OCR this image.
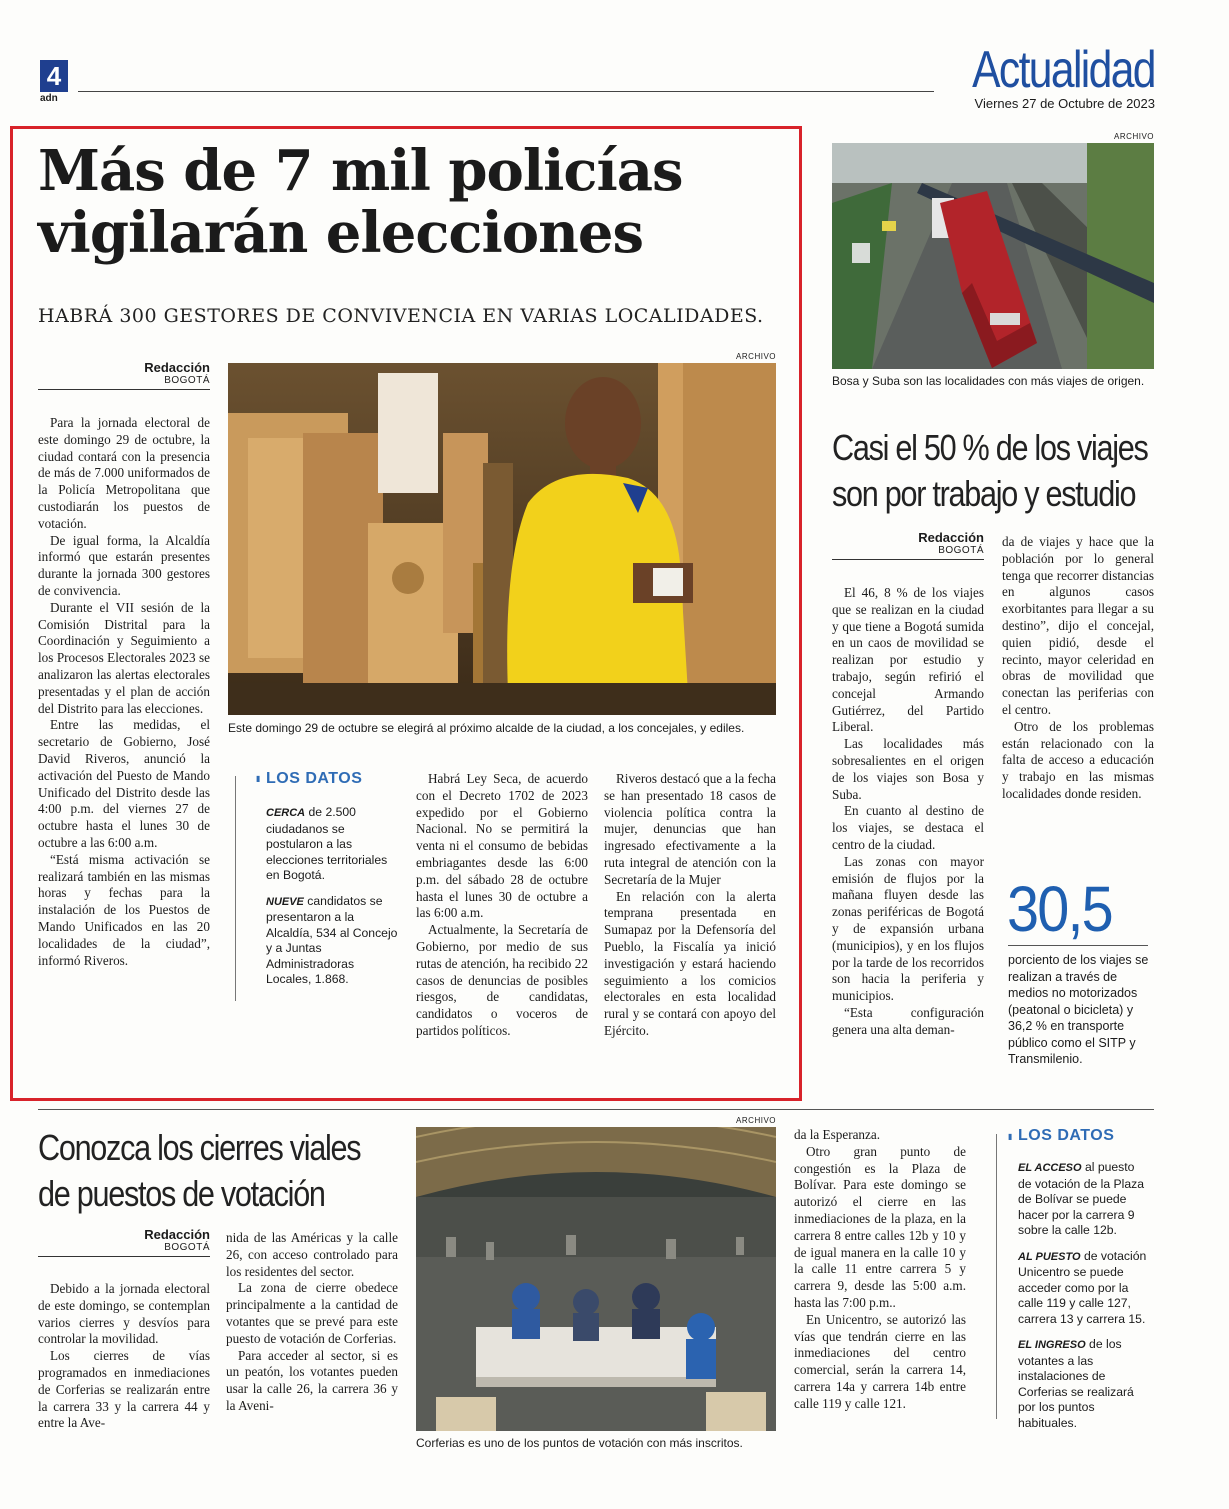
4
adn	Actualidad
Viernes 27 de Octubre de 2023
Más de 7 mil policías vigilarán elecciones
HABRÁ 300 GESTORES DE CONVIVENCIA EN VARIAS LOCALIDADES.
Redacción
BOGOTÁ

Para la jornada electoral de este domingo 29 de octubre, la ciudad contará con la presencia de más de 7.000 uniformados de la Policía Metropolitana que custodiarán los puestos de votación.

De igual forma, la Alcaldía informó que estarán presentes durante la jornada 300 gestores de convivencia.

Durante el VII sesión de la Comisión Distrital para la Coordinación y Seguimiento a los Procesos Electorales 2023 se analizaron las alertas electorales presentadas y el plan de acción del Distrito para las elecciones.

Entre las medidas, el secretario de Gobierno, José David Riveros, anunció la activación del Puesto de Mando Unificado del Distrito desde las 4:00 p.m. del viernes 27 de octubre hasta el lunes 30 de octubre a las 6:00 a.m.

“Está misma activación se realizará también en las mismas horas y fechas para la instalación de los Puestos de Mando Unificados en las 20 localidades de la ciudad”, informó Riveros.

ARCHIVO
Este domingo 29 de octubre se elegirá al próximo alcalde de la ciudad, a los concejales, y ediles.
▮ LOS DATOS

CERCA de 2.500 ciudadanos se postularon a las elecciones territoriales en Bogotá.

NUEVE candidatos se presentaron a la Alcaldía, 534 al Concejo y a Juntas Administradoras Locales, 1.868.

Habrá Ley Seca, de acuerdo con el Decreto 1702 de 2023 expedido por el Gobierno Nacional. No se permitirá la venta ni el consumo de bebidas embriagantes desde las 6:00 p.m. del sábado 28 de octubre hasta el lunes 30 de octubre a las 6:00 a.m.

Actualmente, la Secretaría de Gobierno, por medio de sus rutas de atención, ha recibido 22 casos de denuncias de posibles riesgos, de candidatas, candidatos o voceros de partidos políticos.

Riveros destacó que a la fecha se han presentado 18 casos de violencia política contra la mujer, denuncias que han ingresado efectivamente a la ruta integral de atención con la Secretaría de la Mujer

En relación con la alerta temprana presentada en Sumapaz por la Defensoría del Pueblo, la Fiscalía ya inició investigación y estará haciendo seguimiento a los comicios electorales en esta localidad rural y se contará con apoyo del Ejército.

ARCHIVO
Bosa y Suba son las localidades con más viajes de origen.
Casi el 50 % de los viajes
son por trabajo y estudio
Redacción
BOGOTÁ

El 46, 8 % de los viajes que se realizan en la ciudad y que tiene a Bogotá sumida en un caos de movilidad se realizan por estudio y trabajo, según refirió el concejal Armando Gutiérrez, del Partido Liberal.

Las localidades más sobresalientes en el origen de los viajes son Bosa y Suba.

En cuanto al destino de los viajes, se destaca el centro de la ciudad.

Las zonas con mayor emisión de flujos por la mañana fluyen desde las zonas periféricas de Bogotá y de expansión urbana (municipios), y en los flujos por la tarde de los recorridos son hacia la periferia y municipios.

“Esta configuración genera una alta deman-

da de viajes y hace que la población por lo general tenga que recorrer distancias en algunos casos exorbitantes para llegar a su destino”, dijo el concejal, quien pidió, desde el recinto, mayor celeridad en obras de movilidad que conectan las periferias con el centro.

Otro de los problemas están relacionado con la falta de acceso a educación y trabajo en las mismas localidades donde residen.

30,5
porciento de los viajes se realizan a través de medios no motorizados (peatonal o bicicleta) y 36,2 % en transporte público como el SITP y Transmilenio.
Conozca los cierres viales
de puestos de votación
Redacción
BOGOTÁ

Debido a la jornada electoral de este domingo, se contemplan varios cierres y desvíos para controlar la movilidad.

Los cierres de vías programados en inmediaciones de Corferias se realizarán entre la carrera 33 y la carrera 44 y entre la Ave-

nida de las Américas y la calle 26, con acceso controlado para los residentes del sector.

La zona de cierre obedece principalmente a la cantidad de votantes que se prevé para este puesto de votación de Corferias.

Para acceder al sector, si es un peatón, los votantes pueden usar la calle 26, la carrera 36 y la Aveni-

ARCHIVO
Corferias es uno de los puntos de votación con más inscritos.

da la Esperanza.

Otro gran punto de congestión es la Plaza de Bolívar. Para este domingo se autorizó el cierre en las inmediaciones de la plaza, en la carrera 8 entre calles 12b y 10 y de igual manera en la calle 10 y la calle 11 entre carrera 5 y carrera 9, desde las 5:00 a.m. hasta las 7:00 p.m..

En Unicentro, se autorizó las vías que tendrán cierre en las inmediaciones del centro comercial, serán la carrera 14, carrera 14a y carrera 14b entre calle 119 y calle 121.

▮ LOS DATOS

EL ACCESO al puesto de votación de la Plaza de Bolívar se puede hacer por la carrera 9 sobre la calle 12b.

AL PUESTO de votación Unicentro se puede acceder como por la calle 119 y calle 127, carrera 13 y carrera 15.

EL INGRESO de los votantes a las instalaciones de Corferias se realizará por los puntos habituales.
